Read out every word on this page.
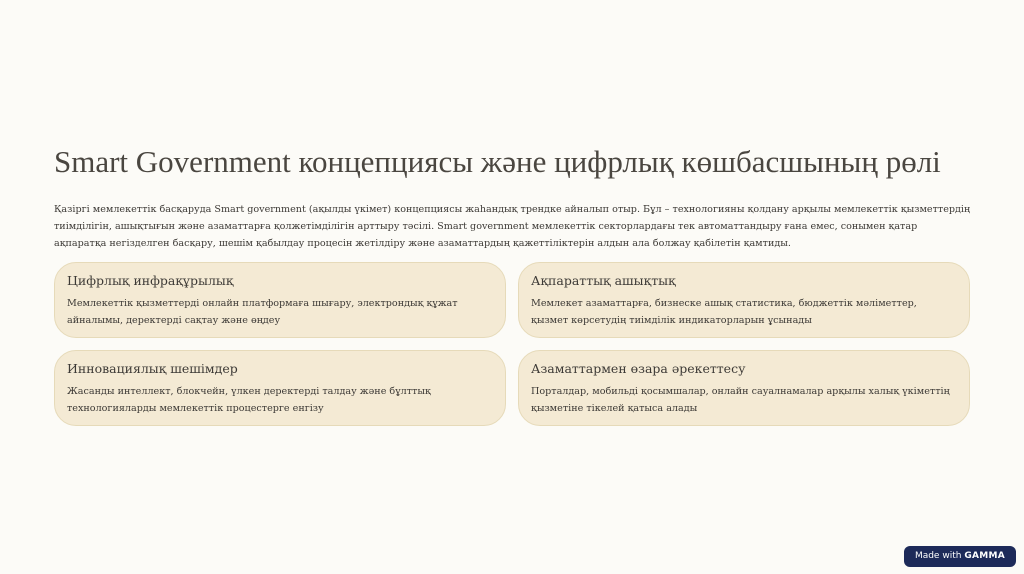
Smart Government концепциясы және цифрлық көшбасшының рөлі

Қазіргі мемлекеттік басқаруда Smart government (ақылды үкімет) концепциясы жаһандық трендке айналып отыр. Бұл – технологияны қолдану арқылы мемлекеттік қызметтердің тиімділігін, ашықтығын және азаматтарға қолжетімділігін арттыру тәсілі. Smart government мемлекеттік секторлардағы тек автоматтандыру ғана емес, сонымен қатар ақпаратқа негізделген басқару, шешім қабылдау процесін жетілдіру және азаматтардың қажеттіліктерін алдын ала болжау қабілетін қамтиды.

Цифрлық инфрақұрылық

Мемлекеттік қызметтерді онлайн платформаға шығару, электрондық құжат айналымы, деректерді сақтау және өңдеу

Ақпараттық ашықтық

Мемлекет азаматтарға, бизнеске ашық статистика, бюджеттік мәліметтер, қызмет көрсетудің тиімділік индикаторларын ұсынады

Инновациялық шешімдер

Жасанды интеллект, блокчейн, үлкен деректерді талдау және бұлттық технологияларды мемлекеттік процестерге енгізу

Азаматтармен өзара әрекеттесу

Порталдар, мобильді қосымшалар, онлайн сауалнамалар арқылы халық үкіметтің қызметіне тікелей қатыса алады

Made with GAMMA
